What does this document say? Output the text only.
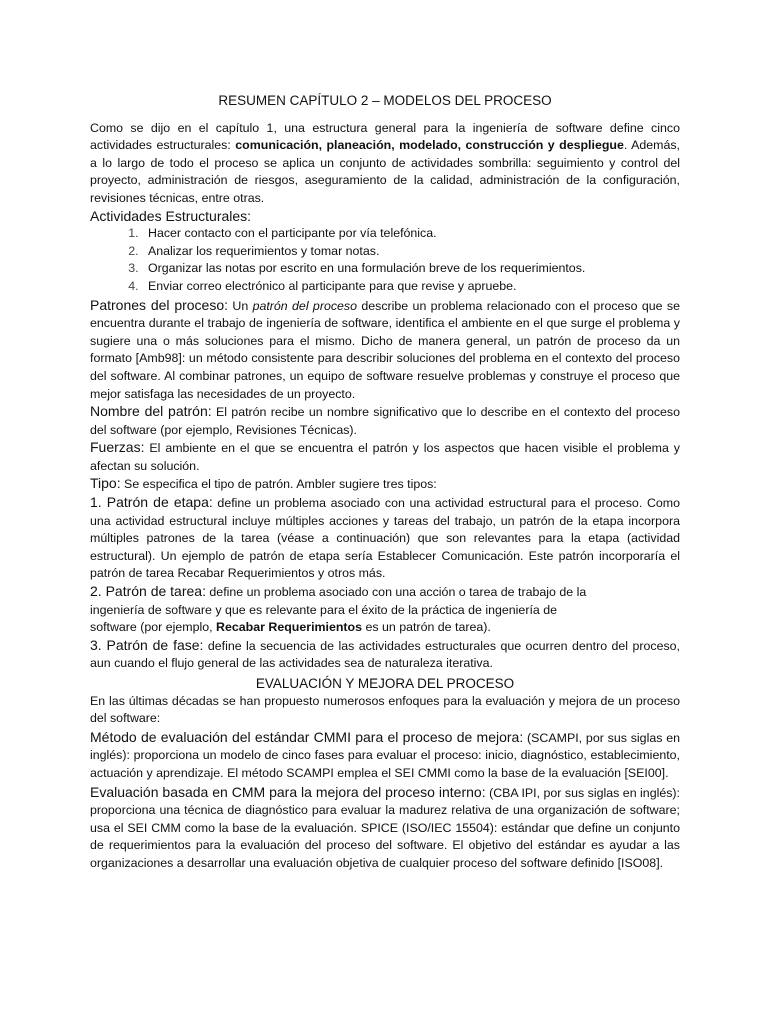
RESUMEN CAPÍTULO 2 – MODELOS DEL PROCESO

Como se dijo en el capítulo 1, una estructura general para la ingeniería de software define cinco actividades estructurales: comunicación, planeación, modelado, construcción y despliegue. Además, a lo largo de todo el proceso se aplica un conjunto de actividades sombrilla: seguimiento y control del proyecto, administración de riesgos, aseguramiento de la calidad, administración de la configuración, revisiones técnicas, entre otras.

Actividades Estructurales:
1. Hacer contacto con el participante por vía telefónica.
2. Analizar los requerimientos y tomar notas.
3. Organizar las notas por escrito en una formulación breve de los requerimientos.
4. Enviar correo electrónico al participante para que revise y apruebe.

Patrones del proceso: Un patrón del proceso describe un problema relacionado con el proceso que se encuentra durante el trabajo de ingeniería de software, identifica el ambiente en el que surge el problema y sugiere una o más soluciones para el mismo. Dicho de manera general, un patrón de proceso da un formato [Amb98]: un método consistente para describir soluciones del problema en el contexto del proceso del software. Al combinar patrones, un equipo de software resuelve problemas y construye el proceso que mejor satisfaga las necesidades de un proyecto.

Nombre del patrón: El patrón recibe un nombre significativo que lo describe en el contexto del proceso del software (por ejemplo, Revisiones Técnicas).

Fuerzas: El ambiente en el que se encuentra el patrón y los aspectos que hacen visible el problema y afectan su solución.

Tipo: Se especifica el tipo de patrón. Ambler sugiere tres tipos:

1. Patrón de etapa: define un problema asociado con una actividad estructural para el proceso. Como una actividad estructural incluye múltiples acciones y tareas del trabajo, un patrón de la etapa incorpora múltiples patrones de la tarea (véase a continuación) que son relevantes para la etapa (actividad estructural). Un ejemplo de patrón de etapa sería Establecer Comunicación. Este patrón incorporaría el patrón de tarea Recabar Requerimientos y otros más.

2. Patrón de tarea: define un problema asociado con una acción o tarea de trabajo de la
ingeniería de software y que es relevante para el éxito de la práctica de ingeniería de
software (por ejemplo, Recabar Requerimientos es un patrón de tarea).

3. Patrón de fase: define la secuencia de las actividades estructurales que ocurren dentro del proceso, aun cuando el flujo general de las actividades sea de naturaleza iterativa.

EVALUACIÓN Y MEJORA DEL PROCESO

En las últimas décadas se han propuesto numerosos enfoques para la evaluación y mejora de un proceso del software:

Método de evaluación del estándar CMMI para el proceso de mejora: (SCAMPI, por sus siglas en inglés): proporciona un modelo de cinco fases para evaluar el proceso: inicio, diagnóstico, establecimiento, actuación y aprendizaje. El método SCAMPI emplea el SEI CMMI como la base de la evaluación [SEI00].

Evaluación basada en CMM para la mejora del proceso interno: (CBA IPI, por sus siglas en inglés): proporciona una técnica de diagnóstico para evaluar la madurez relativa de una organización de software; usa el SEI CMM como la base de la evaluación. SPICE (ISO/IEC 15504): estándar que define un conjunto de requerimientos para la evaluación del proceso del software. El objetivo del estándar es ayudar a las organizaciones a desarrollar una evaluación objetiva de cualquier proceso del software definido [ISO08].
